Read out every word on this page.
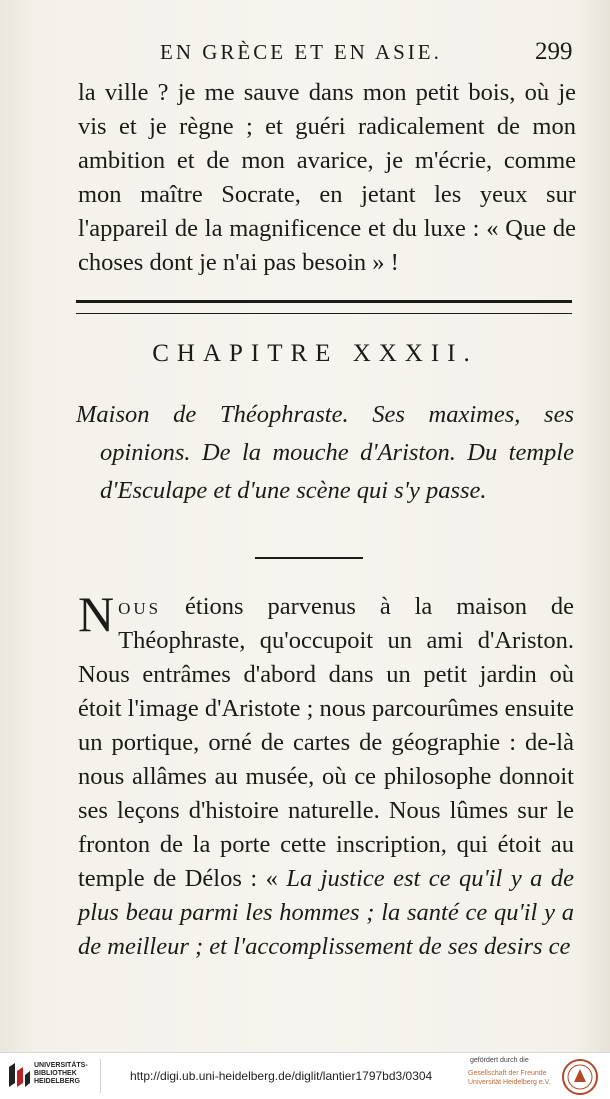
EN GRÈCE ET EN ASIE.	299

la ville ? je me sauve dans mon petit bois, où je vis et je règne ; et guéri radicalement de mon ambition et de mon avarice, je m'écrie, comme mon maître Socrate, en jetant les yeux sur l'appareil de la magnificence et du luxe : « Que de choses dont je n'ai pas besoin » !

CHAPITRE XXXII.
Maison de Théophraste. Ses maximes, ses opinions. De la mouche d'Ariston. Du temple d'Esculape et d'une scène qui s'y passe.

Nous étions parvenus à la maison de Théophraste, qu'occupoit un ami d'Ariston. Nous entrâmes d'abord dans un petit jardin où étoit l'image d'Aristote ; nous parcourûmes ensuite un portique, orné de cartes de géographie : de-là nous allâmes au musée, où ce philosophe donnoit ses leçons d'histoire naturelle. Nous lûmes sur le fronton de la porte cette inscription, qui étoit au temple de Délos : « La justice est ce qu'il y a de plus beau parmi les hommes ; la santé ce qu'il y a de meilleur ; et l'accomplissement de ses desirs ce

UNIVERSITÄTS-
BIBLIOTHEK
HEIDELBERG	http://digi.ub.uni-heidelberg.de/diglit/lantier1797bd3/0304
gefördert durch die
Gesellschaft der Freunde
Universität Heidelberg e.V.
